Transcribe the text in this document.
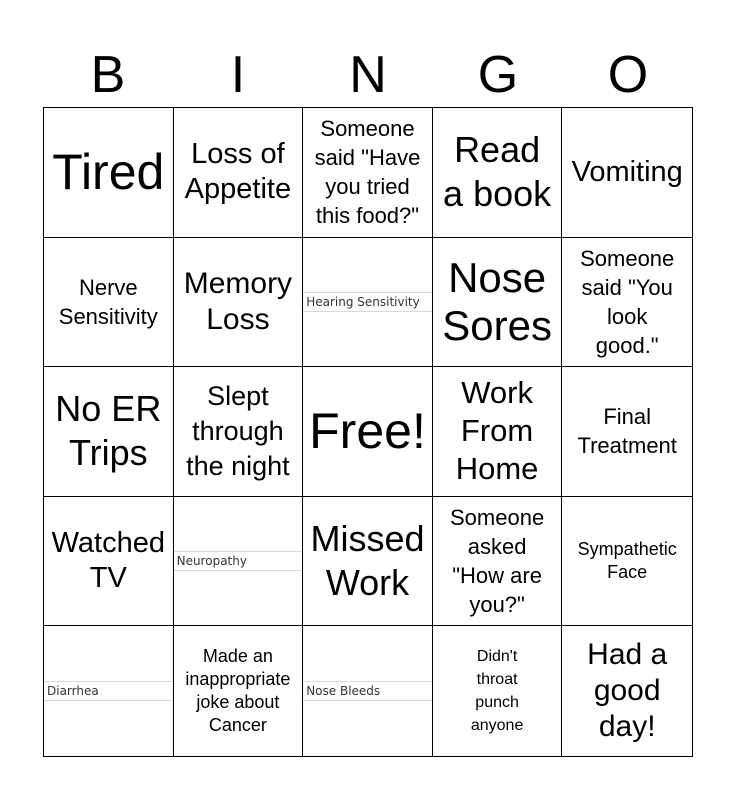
B	I	N	G	O
Tired Loss of
Appetite
Someone
said "Have
you tried
this food?"
Read
a book
Vomiting
Nerve
Sensitivity
Memory
Loss
Hearing Sensitivity
Nose
Sores
Someone
said "You
look
good."
No ER
Trips
Slept
through
the night
Free!
Work
From
Home
Final
Treatment
Watched
TV
Neuropathy
Missed
Work
Someone
asked
"How are
you?"
Sympathetic
Face
Diarrhea
Made an
inappropriate
joke about
Cancer
Nose Bleeds
Didn't
throat
punch
anyone
Had a
good
day!
